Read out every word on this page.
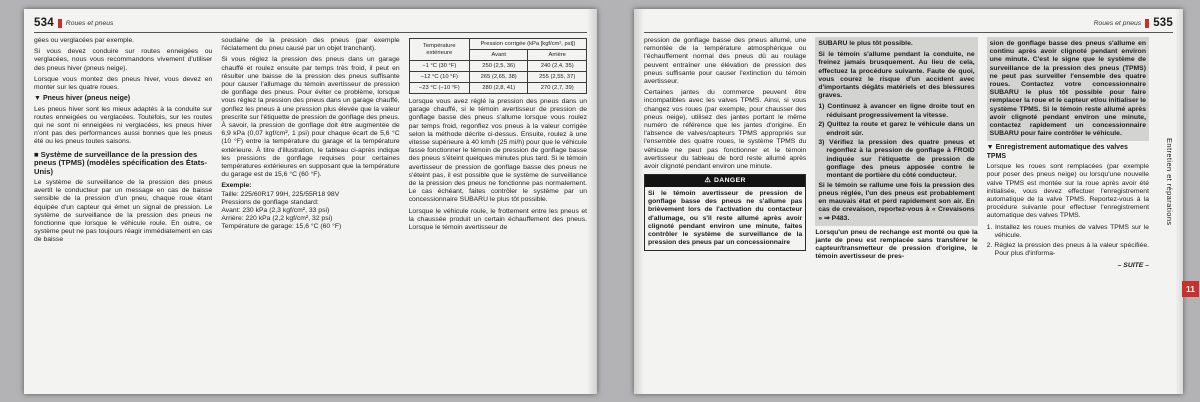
534 Roues et pneus

gées ou verglacées par exemple.

Si vous devez conduire sur routes enneigées ou verglacées, nous vous recommandons vivement d'utiliser des pneus hiver (pneus neige).

Lorsque vous montez des pneus hiver, vous devez en monter sur les quatre roues.

▼ Pneus hiver (pneus neige)

Les pneus hiver sont les mieux adaptés à la conduite sur routes enneigées ou verglacées. Toutefois, sur les routes qui ne sont ni enneigées ni verglacées, les pneus hiver n'ont pas des performances aussi bonnes que les pneus été ou les pneus toutes saisons.

■ Système de surveillance de la pression des pneus (TPMS) (modèles spécification des États-Unis)

Le système de surveillance de la pression des pneus avertit le conducteur par un message en cas de baisse sensible de la pression d'un pneu, chaque roue étant équipée d'un capteur qui émet un signal de pression. Le système de surveillance de la pression des pneus ne fonctionne que lorsque le véhicule roule. En outre, ce système peut ne pas toujours réagir immédiatement en cas de baisse

soudaine de la pression des pneus (par exemple l'éclatement du pneu causé par un objet tranchant).

Si vous réglez la pression des pneus dans un garage chauffé et roulez ensuite par temps très froid, il peut en résulter une baisse de la pression des pneus suffisante pour causer l'allumage du témoin avertisseur de pression de gonflage des pneus. Pour éviter ce problème, lorsque vous réglez la pression des pneus dans un garage chauffé, gonflez les pneus à une pression plus élevée que la valeur prescrite sur l'étiquette de pression de gonflage des pneus. À savoir, la pression de gonflage doit être augmentée de 6,9 kPa (0,07 kgf/cm², 1 psi) pour chaque écart de 5,6 °C (10 °F) entre la température du garage et la température extérieure. À titre d'illustration, le tableau ci-après indique les pressions de gonflage requises pour certaines températures extérieures en supposant que la température du garage est de 15,6 °C (60 °F).

Exemple:

Taille: 225/60R17 99H, 225/55R18 98V

Pressions de gonflage standard:

Avant: 230 kPa (2,3 kgf/cm², 33 psi)

Arrière: 220 kPa (2,2 kgf/cm², 32 psi)

Température de garage: 15,6 °C (60 °F)

Température extérieure	Pression corrigée (kPa [kgf/cm², psi])	
	Avant	Arrière
−1 °C (30 °F)	250 (2,5, 36)	240 (2,4, 35)
−12 °C (10 °F)	265 (2,65, 38)	255 (2,55, 37)
−23 °C (−10 °F)	280 (2,8, 41)	270 (2,7, 39)

Lorsque vous avez réglé la pression des pneus dans un garage chauffé, si le témoin avertisseur de pression de gonflage basse des pneus s'allume lorsque vous roulez par temps froid, regonflez vos pneus à la valeur corrigée selon la méthode décrite ci-dessus. Ensuite, roulez à une vitesse supérieure à 40 km/h (25 mi/h) pour que le véhicule fasse fonctionner le témoin de pression de gonflage basse des pneus s'éteint quelques minutes plus tard. Si le témoin avertisseur de pression de gonflage basse des pneus ne s'éteint pas, il est possible que le système de surveillance de la pression des pneus ne fonctionne pas normalement. Le cas échéant, faites contrôler le système par un concessionnaire SUBARU le plus tôt possible.

Lorsque le véhicule roule, le frottement entre les pneus et la chaussée produit un certain échauffement des pneus. Lorsque le témoin avertisseur de

Roues et pneus 535

pression de gonflage basse des pneus allumé, une remontée de la température atmosphérique ou l'échauffement normal des pneus dû au roulage peuvent entraîner une élévation de pression des pneus suffisante pour causer l'extinction du témoin avertisseur.

Certaines jantes du commerce peuvent être incompatibles avec les valves TPMS. Ainsi, si vous changez vos roues (par exemple, pour chausser des pneus neige), utilisez des jantes portant le même numéro de référence que les jantes d'origine. En l'absence de valves/capteurs TPMS appropriés sur l'ensemble des quatre roues, le système TPMS du véhicule ne peut pas fonctionner et le témoin avertisseur du tableau de bord reste allumé après avoir clignoté pendant environ une minute.

⚠ DANGER

Si le témoin avertisseur de pression de gonflage basse des pneus ne s'allume pas brièvement lors de l'activation du contacteur d'allumage, ou s'il reste allumé après avoir clignoté pendant environ une minute, faites contrôler le système de surveillance de la pression des pneus par un concessionnaire

SUBARU le plus tôt possible.

Si le témoin s'allume pendant la conduite, ne freinez jamais brusquement. Au lieu de cela, effectuez la procédure suivante. Faute de quoi, vous courez le risque d'un accident avec d'importants dégâts matériels et des blessures graves.

1) Continuez à avancer en ligne droite tout en réduisant progressivement la vitesse.

2) Quittez la route et garez le véhicule dans un endroit sûr.

3) Vérifiez la pression des quatre pneus et regonflez à la pression de gonflage à FROID indiquée sur l'étiquette de pression de gonflage des pneus apposée contre le montant de portière du côté conducteur.

Si le témoin se rallume une fois la pression des pneus réglée, l'un des pneus est probablement en mauvais état et perd rapidement son air. En cas de crevaison, reportez-vous à « Crevaisons » ⇒ P483.

Lorsqu'un pneu de rechange est monté ou que la jante de pneu est remplacée sans transférer le capteur/transmetteur de pression d'origine, le témoin avertisseur de pres-

sion de gonflage basse des pneus s'allume en continu après avoir clignoté pendant environ une minute. C'est le signe que le système de surveillance de la pression des pneus (TPMS) ne peut pas surveiller l'ensemble des quatre roues. Contactez votre concessionnaire SUBARU le plus tôt possible pour faire remplacer la roue et le capteur et/ou initialiser le système TPMS. Si le témoin reste allumé après avoir clignoté pendant environ une minute, contactez rapidement un concessionnaire SUBARU pour faire contrôler le véhicule.

▼ Enregistrement automatique des valves TPMS

Lorsque les roues sont remplacées (par exemple pour poser des pneus neige) ou lorsqu'une nouvelle valve TPMS est montée sur la roue après avoir été initialisée, vous devez effectuer l'enregistrement automatique de la valve TPMS. Reportez-vous à la procédure suivante pour effectuer l'enregistrement automatique des valves TPMS.

1. Installez les roues munies de valves TPMS sur le véhicule.

2. Réglez la pression des pneus à la valeur spécifiée. Pour plus d'informa-

– SUITE –

Entretien et réparations
11
